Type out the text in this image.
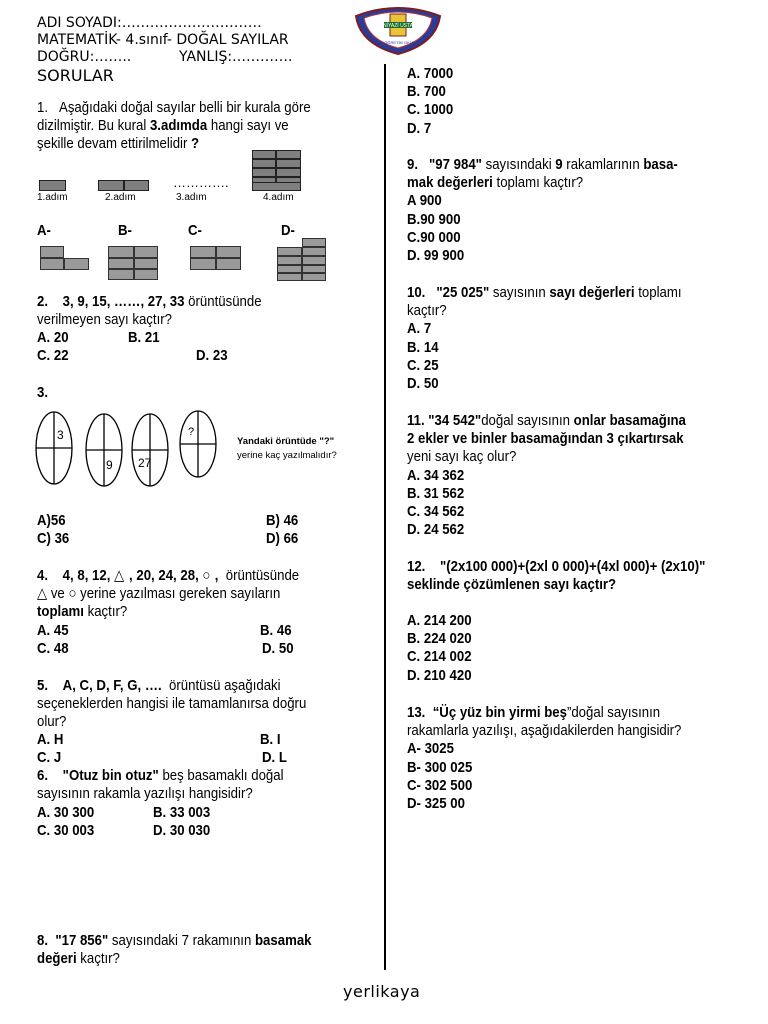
ADI SOYADI:…………………………
MATEMATİK- 4.sınıf- DOĞAL SAYILAR
DOĞRU:……..	YANLIŞ:………….
SORULAR
NİYAZİ USTA
İLKÖĞRETİM OKULU
1. Aşağıdaki doğal sayılar belli bir kurala göre
dizilmiştir. Bu kural 3.adımda hangi sayı ve
şekille devam ettirilmelidir ?
………….
1.adım	2.adım	3.adım	4.adım
A-	B-	C-	D-
2. 3, 9, 15, ……, 27, 33 örüntüsünde
verilmeyen sayı kaçtır?
A. 20	B. 21
C. 22	D. 23
3.
3
9 27
?
Yandaki örüntüde "?"
yerine kaç yazılmalıdır?
A)56	B) 46
C) 36	D) 66
4. 4, 8, 12, △ , 20, 24, 28, ○ ,  örüntüsünde
△ ve ○ yerine yazılması gereken sayıların
toplamı kaçtır?
A. 45	B. 46
C. 48	D. 50
5. A, C, D, F, G, ….  örüntüsü aşağıdaki
seçeneklerden hangisi ile tamamlanırsa doğru
olur?
A. H	B. I
C. J	D. L
6. "Otuz bin otuz" beş basamaklı doğal
sayısının rakamla yazılışı hangisidir?
A. 30 300	B. 33 003
C. 30 003	D. 30 030
8. "17 856" sayısındaki 7 rakamının basamak
değeri kaçtır?
A. 7000
B. 700
C. 1000
D. 7
9. "97 984" sayısındaki 9 rakamlarının basa-
mak değerleri toplamı kaçtır?
A 900
B.90 900
C.90 000
D. 99 900
10. "25 025" sayısının sayı değerleri toplamı
kaçtır?
A. 7
B. 14
C. 25
D. 50
11. "34 542"doğal sayısının onlar basamağına
2 ekler ve binler basamağından 3 çıkartırsak
yeni sayı kaç olur?
A. 34 362
B. 31 562
C. 34 562
D. 24 562
12. "(2x100 000)+(2xl 0 000)+(4xl 000)+ (2x10)"
seklinde çözümlenen sayı kaçtır?
A. 214 200
B. 224 020
C. 214 002
D. 210 420
13. “Üç yüz bin yirmi beş”doğal sayısının
rakamlarla yazılışı, aşağıdakilerden hangisidir?
A- 3025
B- 300 025
C- 302 500
D- 325 00
yerlikaya
